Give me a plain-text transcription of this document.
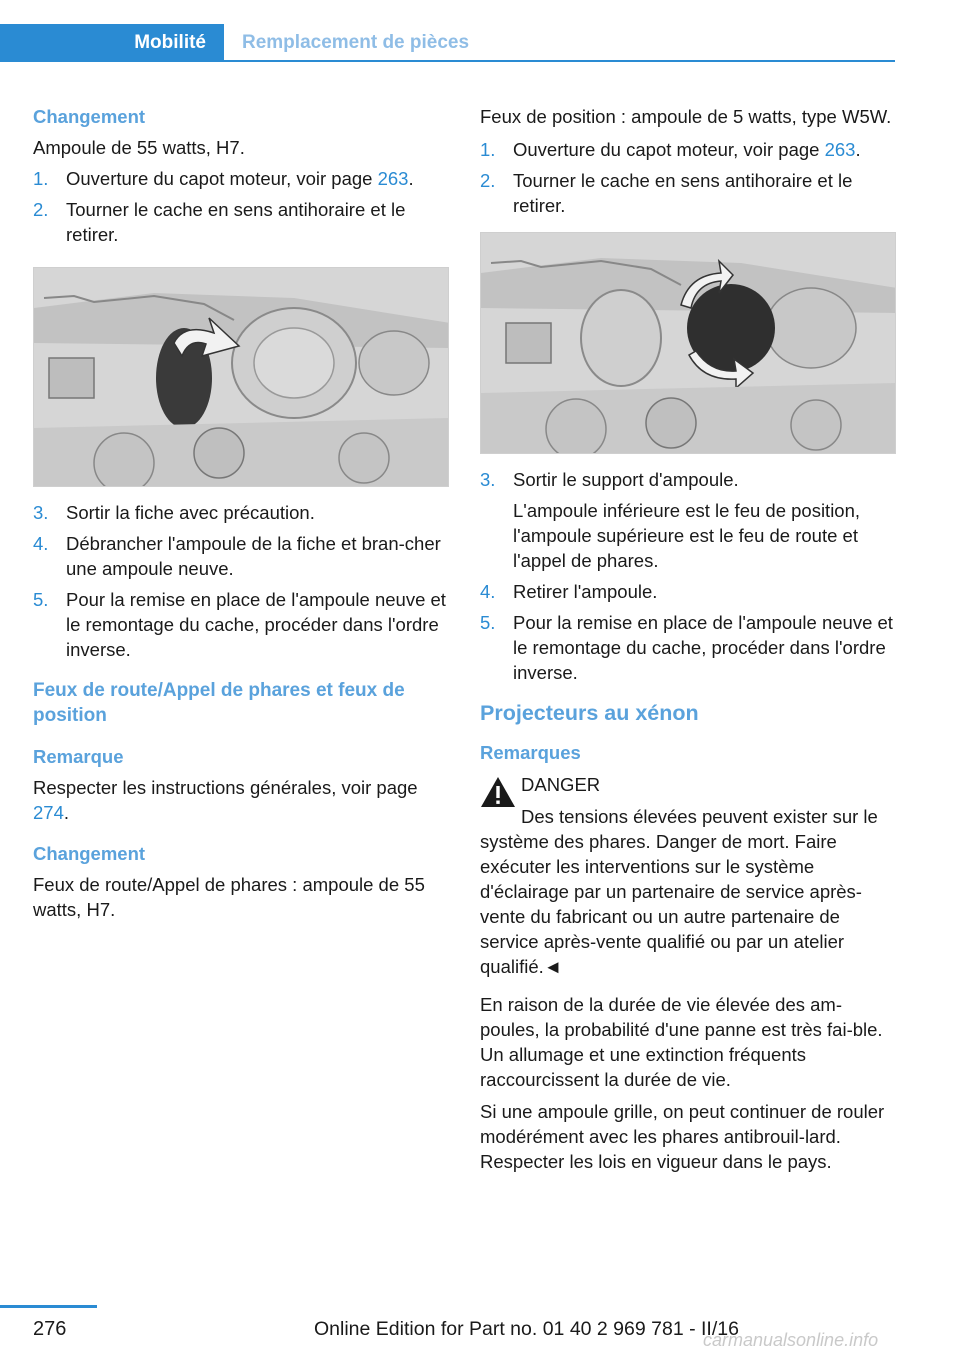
Mobilité	Remplacement de pièces
Changement

Ampoule de 55 watts, H7.

1. Ouverture du capot moteur, voir page 263.
2. Tourner le cache en sens antihoraire et le retirer.
3. Sortir la fiche avec précaution.
4. Débrancher l'ampoule de la fiche et bran‐cher une ampoule neuve.
5. Pour la remise en place de l'ampoule neuve et le remontage du cache, procéder dans l'ordre inverse.
Feux de route/Appel de phares et feux de position
Remarque

Respecter les instructions générales, voir page 274.

Changement

Feux de route/Appel de phares : ampoule de 55 watts, H7.

Feux de position : ampoule de 5 watts, type W5W.

1. Ouverture du capot moteur, voir page 263.
2. Tourner le cache en sens antihoraire et le retirer.
3. Sortir le support d'ampoule.

L'ampoule inférieure est le feu de position, l'ampoule supérieure est le feu de route et l'appel de phares.

4. Retirer l'ampoule.
5. Pour la remise en place de l'ampoule neuve et le remontage du cache, procéder dans l'ordre inverse.
Projecteurs au xénon
Remarques

DANGER

Des tensions élevées peuvent exister sur le système des phares. Danger de mort. Faire exécuter les interventions sur le système d'éclairage par un partenaire de service après-vente du fabricant ou un autre partenaire de service après-vente qualifié ou par un atelier qualifié.◄

En raison de la durée de vie élevée des am‐poules, la probabilité d'une panne est très fai‐ble. Un allumage et une extinction fréquents raccourcissent la durée de vie.

Si une ampoule grille, on peut continuer de rouler modérément avec les phares antibrouil‐lard. Respecter les lois en vigueur dans le pays.

276	Online Edition for Part no. 01 40 2 969 781 - II/16
carmanualsonline.info
